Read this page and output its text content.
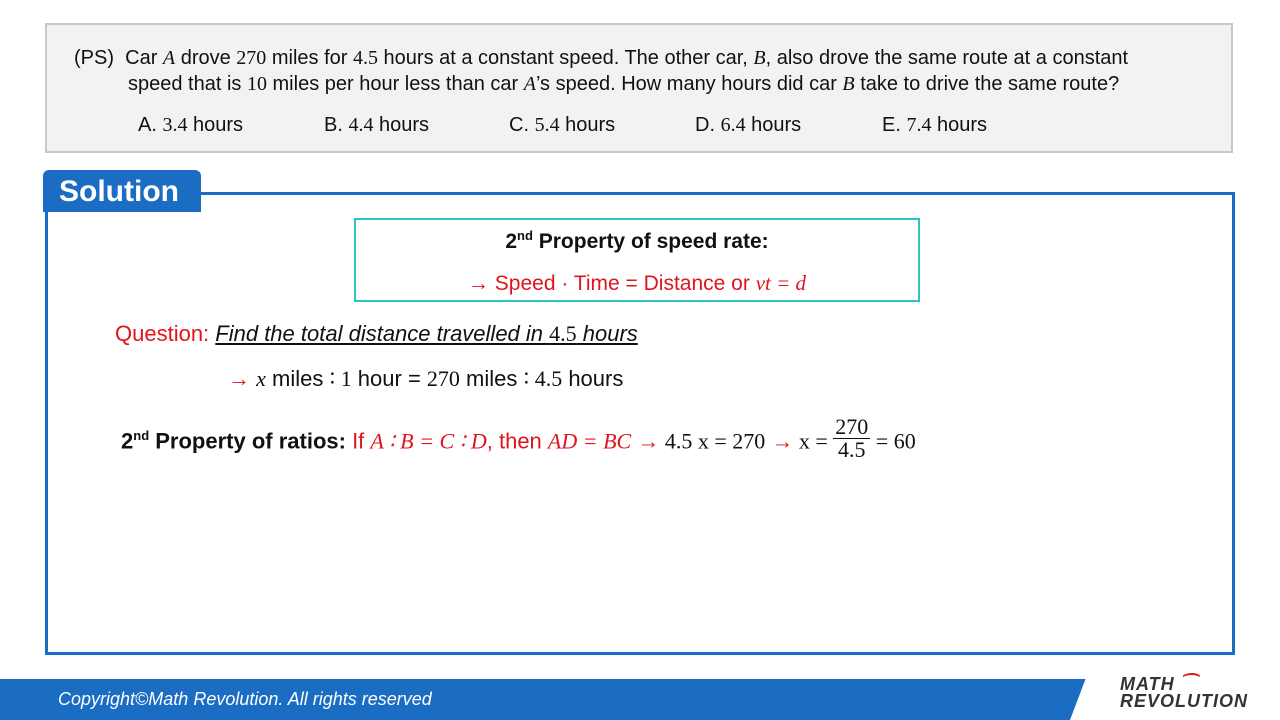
(PS) Car A drove 270 miles for 4.5 hours at a constant speed. The other car, B, also drove the same route at a constant
speed that is 10 miles per hour less than car A’s speed. How many hours did car B take to drive the same route?
A. 3.4 hours	B. 4.4 hours	C. 5.4 hours	D. 6.4 hours	E. 7.4 hours
Solution
2nd Property of speed rate:
→ Speed · Time = Distance or vt = d
Question: Find the total distance travelled in 4.5 hours
→ x miles ∶ 1 hour = 270 miles ∶ 4.5 hours
2nd Property of ratios: If A ∶ B = C ∶ D, then AD = BC → 4.5 $x = 270 \to x = \frac{270}{4.5} = 60$
Copyright©Math Revolution. All rights reserved
MATH ⁀
REVOLUTION
